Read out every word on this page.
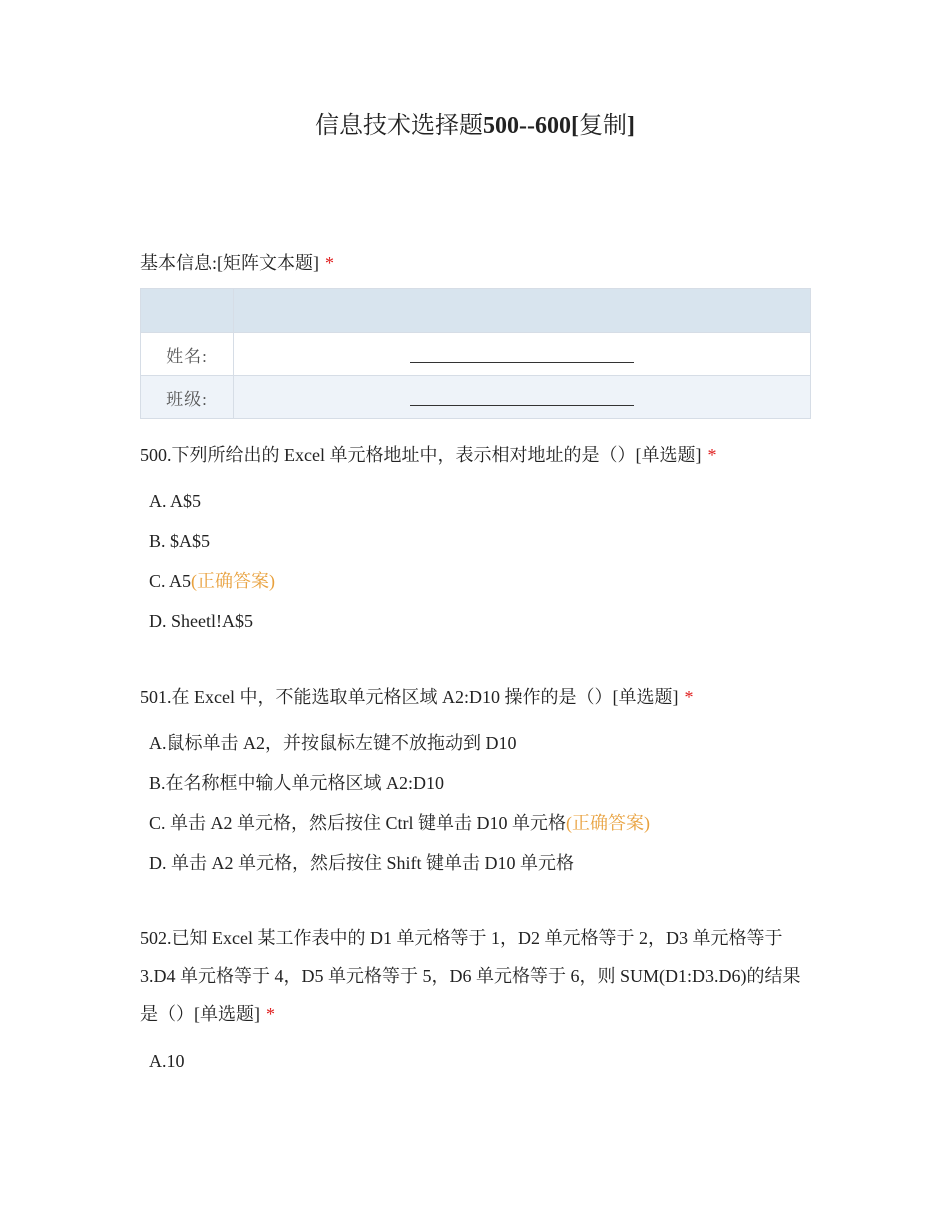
信息技术选择题500--600[复制]
基本信息:[矩阵文本题] *

姓名:	
班级:	
500.下列所给出的 Excel 单元格地址中，表示相对地址的是（）[单选题] *
A. A$5
B. $A$5
C. A5(正确答案)
D. Sheetl!A$5
501.在 Excel 中，不能选取单元格区域 A2:D10 操作的是（）[单选题] *
A.鼠标单击 A2，并按鼠标左键不放拖动到 D10
B.在名称框中输人单元格区域 A2:D10
C. 单击 A2 单元格，然后按住 Ctrl 键单击 D10 单元格(正确答案)
D. 单击 A2 单元格，然后按住 Shift 键单击 D10 单元格
502.已知 Excel 某工作表中的 D1 单元格等于 1，D2 单元格等于 2，D3 单元格等于 3.D4 单元格等于 4，D5 单元格等于 5，D6 单元格等于 6，则 SUM(D1:D3.D6)的结果是（）[单选题] *
A.10
